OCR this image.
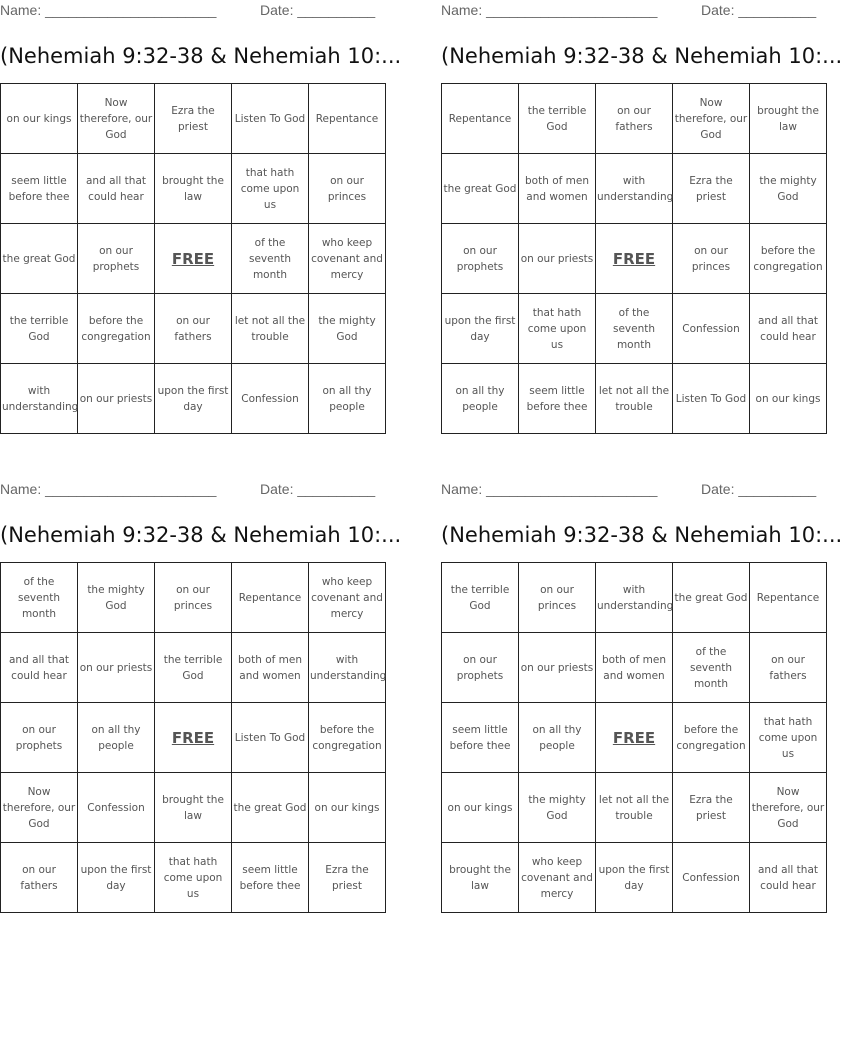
Name: ______________________	Date: __________
(Nehemiah 9:32-38 & Nehemiah 10:...
on our kings	Now therefore, our God	Ezra the priest	Listen To God	Repentance
seem little before thee	and all that could hear	brought the law	that hath come upon us	on our princes
the great God	on our prophets	FREE	of the seventh month	who keep covenant and mercy
the terrible God	before the congregation	on our fathers	let not all the trouble	the mighty God
with understanding	on our priests	upon the first day	Confession	on all thy people
Name: ______________________	Date: __________
(Nehemiah 9:32-38 & Nehemiah 10:...
Repentance	the terrible God	on our fathers	Now therefore, our God	brought the law
the great God	both of men and women	with understanding	Ezra the priest	the mighty God
on our prophets	on our priests	FREE	on our princes	before the congregation
upon the first day	that hath come upon us	of the seventh month	Confession	and all that could hear
on all thy people	seem little before thee	let not all the trouble	Listen To God	on our kings
Name: ______________________	Date: __________
(Nehemiah 9:32-38 & Nehemiah 10:...
of the seventh month	the mighty God	on our princes	Repentance	who keep covenant and mercy
and all that could hear	on our priests	the terrible God	both of men and women	with understanding
on our prophets	on all thy people	FREE	Listen To God	before the congregation
Now therefore, our God	Confession	brought the law	the great God	on our kings
on our fathers	upon the first day	that hath come upon us	seem little before thee	Ezra the priest
Name: ______________________	Date: __________
(Nehemiah 9:32-38 & Nehemiah 10:...
the terrible God	on our princes	with understanding	the great God	Repentance
on our prophets	on our priests	both of men and women	of the seventh month	on our fathers
seem little before thee	on all thy people	FREE	before the congregation	that hath come upon us
on our kings	the mighty God	let not all the trouble	Ezra the priest	Now therefore, our God
brought the law	who keep covenant and mercy	upon the first day	Confession	and all that could hear
